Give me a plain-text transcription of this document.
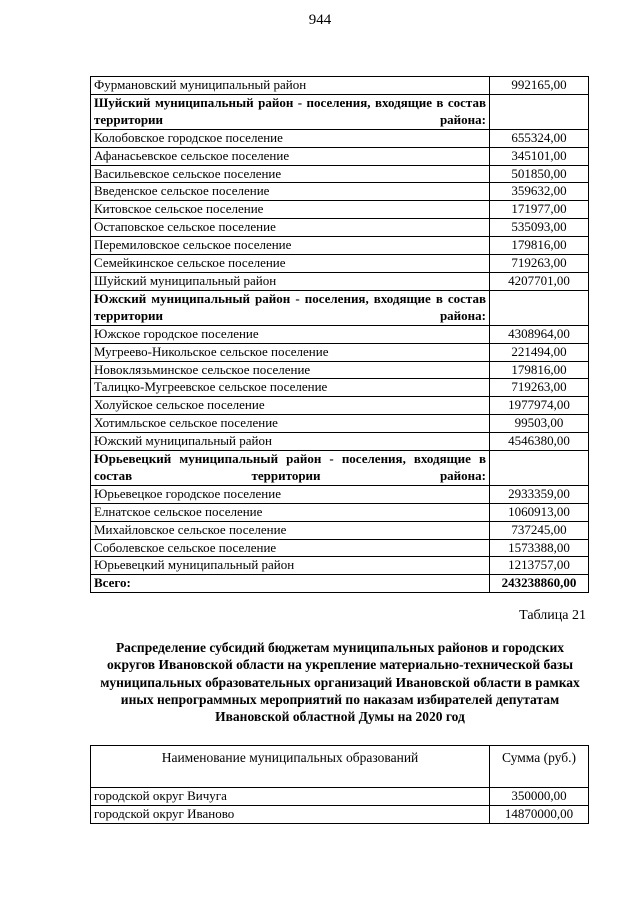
944
Фурмановский муниципальный район	992165,00
Шуйский муниципальный район - поселения, входящие в состав территории района:	
Колобовское городское поселение	655324,00
Афанасьевское сельское поселение	345101,00
Васильевское сельское поселение	501850,00
Введенское сельское поселение	359632,00
Китовское сельское поселение	171977,00
Остаповское сельское поселение	535093,00
Перемиловское сельское поселение	179816,00
Семейкинское сельское поселение	719263,00
Шуйский муниципальный район	4207701,00
Южский муниципальный район - поселения, входящие в состав территории района:	
Южское городское поселение	4308964,00
Мугреево-Никольское сельское поселение	221494,00
Новоклязьминское сельское поселение	179816,00
Талицко-Мугреевское сельское поселение	719263,00
Холуйское сельское поселение	1977974,00
Хотимльское сельское поселение	99503,00
Южский муниципальный район	4546380,00
Юрьевецкий муниципальный район - поселения, входящие в состав территории района:	
Юрьевецкое городское поселение	2933359,00
Елнатское сельское поселение	1060913,00
Михайловское сельское поселение	737245,00
Соболевское сельское поселение	1573388,00
Юрьевецкий муниципальный район	1213757,00
Всего:	243238860,00
Таблица 21
Распределение субсидий бюджетам муниципальных районов и городских округов Ивановской области на укрепление материально-технической базы муниципальных образовательных организаций Ивановской области в рамках иных непрограммных мероприятий по наказам избирателей депутатам Ивановской областной Думы на 2020 год
Наименование муниципальных образований	Сумма (руб.)
городской округ Вичуга	350000,00
городской округ Иваново	14870000,00
